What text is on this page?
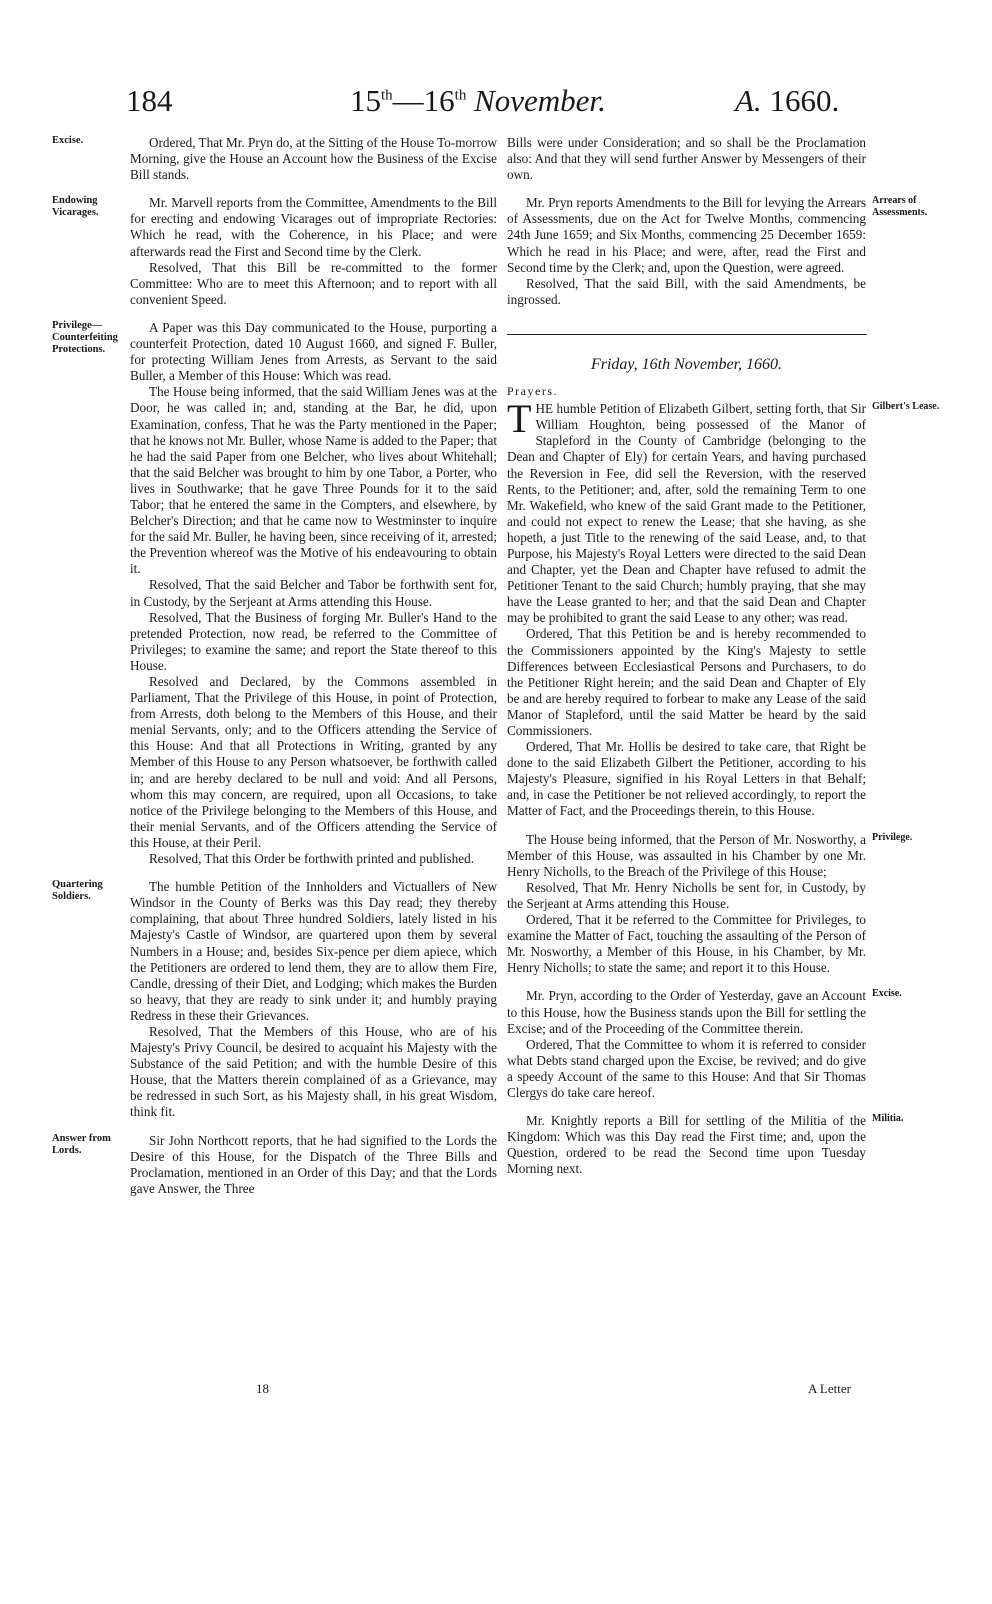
184	15th—16th November.	A. 1660.
Excise.	Ordered, That Mr. Pryn do, at the Sitting of the House To-morrow Morning, give the House an Account how the Business of the Excise Bill stands.

Endowing Vicarages.

Mr. Marvell reports from the Committee, Amendments to the Bill for erecting and endowing Vicarages out of impropriate Rectories: Which he read, with the Coherence, in his Place; and were afterwards read the First and Second time by the Clerk.

Resolved, That this Bill be re-committed to the former Committee: Who are to meet this Afternoon; and to report with all convenient Speed.

Privilege—Counterfeiting Protections.

A Paper was this Day communicated to the House, purporting a counterfeit Protection, dated 10 August 1660, and signed F. Buller, for protecting William Jenes from Arrests, as Servant to the said Buller, a Member of this House: Which was read.

The House being informed, that the said William Jenes was at the Door, he was called in; and, standing at the Bar, he did, upon Examination, confess, That he was the Party mentioned in the Paper; that he knows not Mr. Buller, whose Name is added to the Paper; that he had the said Paper from one Belcher, who lives about Whitehall; that the said Belcher was brought to him by one Tabor, a Porter, who lives in Southwarke; that he gave Three Pounds for it to the said Tabor; that he entered the same in the Compters, and elsewhere, by Belcher's Direction; and that he came now to Westminster to inquire for the said Mr. Buller, he having been, since receiving of it, arrested; the Prevention whereof was the Motive of his endeavouring to obtain it.

Resolved, That the said Belcher and Tabor be forthwith sent for, in Custody, by the Serjeant at Arms attending this House.

Resolved, That the Business of forging Mr. Buller's Hand to the pretended Protection, now read, be referred to the Committee of Privileges; to examine the same; and report the State thereof to this House.

Resolved and Declared, by the Commons assembled in Parliament, That the Privilege of this House, in point of Protection, from Arrests, doth belong to the Members of this House, and their menial Servants, only; and to the Officers attending the Service of this House: And that all Protections in Writing, granted by any Member of this House to any Person whatsoever, be forthwith called in; and are hereby declared to be null and void: And all Persons, whom this may concern, are required, upon all Occasions, to take notice of the Privilege belonging to the Members of this House, and their menial Servants, and of the Officers attending the Service of this House, at their Peril.

Resolved, That this Order be forthwith printed and published.

Quartering Soldiers.

The humble Petition of the Innholders and Victuallers of New Windsor in the County of Berks was this Day read; they thereby complaining, that about Three hundred Soldiers, lately listed in his Majesty's Castle of Windsor, are quartered upon them by several Numbers in a House; and, besides Six-pence per diem apiece, which the Petitioners are ordered to lend them, they are to allow them Fire, Candle, dressing of their Diet, and Lodging; which makes the Burden so heavy, that they are ready to sink under it; and humbly praying Redress in these their Grievances.

Resolved, That the Members of this House, who are of his Majesty's Privy Council, be desired to acquaint his Majesty with the Substance of the said Petition; and with the humble Desire of this House, that the Matters therein complained of as a Grievance, may be redressed in such Sort, as his Majesty shall, in his great Wisdom, think fit.

Answer from Lords.

Sir John Northcott reports, that he had signified to the Lords the Desire of this House, for the Dispatch of the Three Bills and Proclamation, mentioned in an Order of this Day; and that the Lords gave Answer, the Three

Bills were under Consideration; and so shall be the Proclamation also: And that they will send further Answer by Messengers of their own.

Arrears of Assessments.

Mr. Pryn reports Amendments to the Bill for levying the Arrears of Assessments, due on the Act for Twelve Months, commencing 24th June 1659; and Six Months, commencing 25 December 1659: Which he read in his Place; and were, after, read the First and Second time by the Clerk; and, upon the Question, were agreed.

Resolved, That the said Bill, with the said Amendments, be ingrossed.

Friday, 16th November, 1660.

Prayers.

Gilbert's Lease.

THE humble Petition of Elizabeth Gilbert, setting forth, that Sir William Houghton, being possessed of the Manor of Stapleford in the County of Cambridge (belonging to the Dean and Chapter of Ely) for certain Years, and having purchased the Reversion in Fee, did sell the Reversion, with the reserved Rents, to the Petitioner; and, after, sold the remaining Term to one Mr. Wakefield, who knew of the said Grant made to the Petitioner, and could not expect to renew the Lease; that she having, as she hopeth, a just Title to the renewing of the said Lease, and, to that Purpose, his Majesty's Royal Letters were directed to the said Dean and Chapter, yet the Dean and Chapter have refused to admit the Petitioner Tenant to the said Church; humbly praying, that she may have the Lease granted to her; and that the said Dean and Chapter may be prohibited to grant the said Lease to any other; was read.

Ordered, That this Petition be and is hereby recommended to the Commissioners appointed by the King's Majesty to settle Differences between Ecclesiastical Persons and Purchasers, to do the Petitioner Right herein; and the said Dean and Chapter of Ely be and are hereby required to forbear to make any Lease of the said Manor of Stapleford, until the said Matter be heard by the said Commissioners.

Ordered, That Mr. Hollis be desired to take care, that Right be done to the said Elizabeth Gilbert the Petitioner, according to his Majesty's Pleasure, signified in his Royal Letters in that Behalf; and, in case the Petitioner be not relieved accordingly, to report the Matter of Fact, and the Proceedings therein, to this House.

Privilege.

The House being informed, that the Person of Mr. Nosworthy, a Member of this House, was assaulted in his Chamber by one Mr. Henry Nicholls, to the Breach of the Privilege of this House;

Resolved, That Mr. Henry Nicholls be sent for, in Custody, by the Serjeant at Arms attending this House.

Ordered, That it be referred to the Committee for Privileges, to examine the Matter of Fact, touching the assaulting of the Person of Mr. Nosworthy, a Member of this House, in his Chamber, by Mr. Henry Nicholls; to state the same; and report it to this House.

Excise.

Mr. Pryn, according to the Order of Yesterday, gave an Account to this House, how the Business stands upon the Bill for settling the Excise; and of the Proceeding of the Committee therein.

Ordered, That the Committee to whom it is referred to consider what Debts stand charged upon the Excise, be revived; and do give a speedy Account of the same to this House: And that Sir Thomas Clergys do take care hereof.

Militia.

Mr. Knightly reports a Bill for settling of the Militia of the Kingdom: Which was this Day read the First time; and, upon the Question, ordered to be read the Second time upon Tuesday Morning next.

18	A Letter
